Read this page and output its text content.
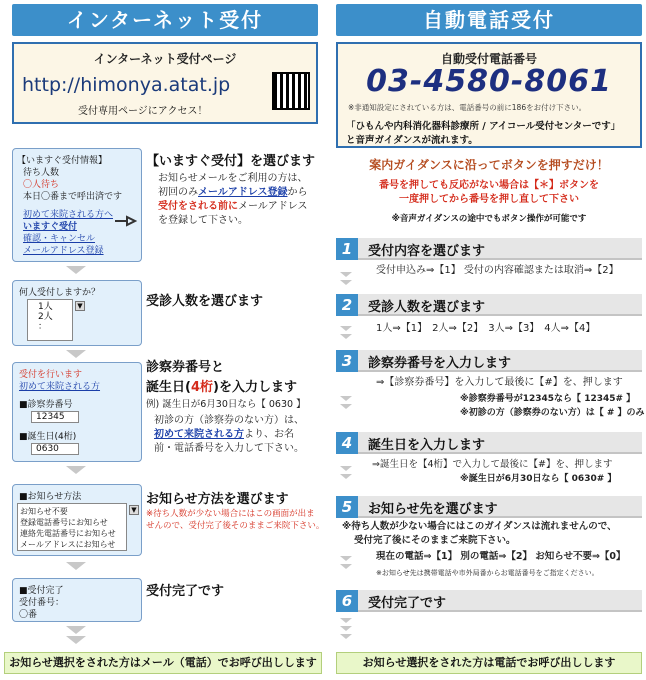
インターネット受付	自動電話受付
インターネット受付ページ
http://himonya.atat.jp
受付専用ページにアクセス！
自動受付電話番号
03-4580-8061
※非通知設定にされている方は、電話番号の前に186をお付け下さい。
「ひもんや内科消化器科診療所 / アイコール受付センターです」
と音声ガイダンスが流れます。
【いますぐ受付情報】
待ち人数
〇人待ち
本日〇番まで呼出済です
初めて来院される方へ
いますぐ受付
確認・キャンセル
メールアドレス登録
【いますぐ受付】を選びます
お知らせメールをご利用の方は、
初回のみメールアドレス登録から
受付をされる前にメールアドレス
を登録して下さい。
何人受付しますか？
1人
2人
：
▼	受診人数を選びます
受付を行います
初めて来院される方
■診察券番号
12345
■誕生日(4桁)
0630
診察券番号と
誕生日(4桁)を入力します
例) 誕生日が6月30日なら【 0630 】
初診の方（診察券のない方）は、
初めて来院される方より、お名
前・電話番号を入力して下さい。
■お知らせ方法
お知らせ不要
登録電話番号にお知らせ
連絡先電話番号にお知らせ
メールアドレスにお知らせ
▼
お知らせ方法を選びます
※待ち人数が少ない場合にはこの画面が出ま
せんので、受付完了後そのままご来院下さい。
■受付完了
受付番号：
〇番
受付完了です
案内ガイダンスに沿ってボタンを押すだけ！
番号を押しても反応がない場合は【＊】ボタンを
一度押してから番号を押し直して下さい
※音声ガイダンスの途中でもボタン操作が可能です
1	受付内容を選びます
受付申込み⇒【1】 受付の内容確認または取消⇒【2】
2	受診人数を選びます
1人⇒【1】　2人⇒【2】　3人⇒【3】　4人⇒【4】
3	診察券番号を入力します
⇒【診察券番号】を入力して最後に【#】を、押します
※診察券番号が12345なら【 12345# 】
※初診の方（診察券のない方）は【 # 】のみ
4	誕生日を入力します
⇒誕生日を【4桁】で入力して最後に【#】を、押します
※誕生日が6月30日なら【 0630# 】
5	お知らせ先を選びます
※待ち人数が少ない場合にはこのガイダンスは流れませんので、
受付完了後にそのままご来院下さい。
現在の電話⇒【1】 別の電話⇒【2】 お知らせ不要⇒【0】
※お知らせ先は携帯電話や市外局番からお電話番号をご指定ください。
6	受付完了です
お知らせ選択をされた方はメール（電話）でお呼び出しします	お知らせ選択をされた方は電話でお呼び出しします
